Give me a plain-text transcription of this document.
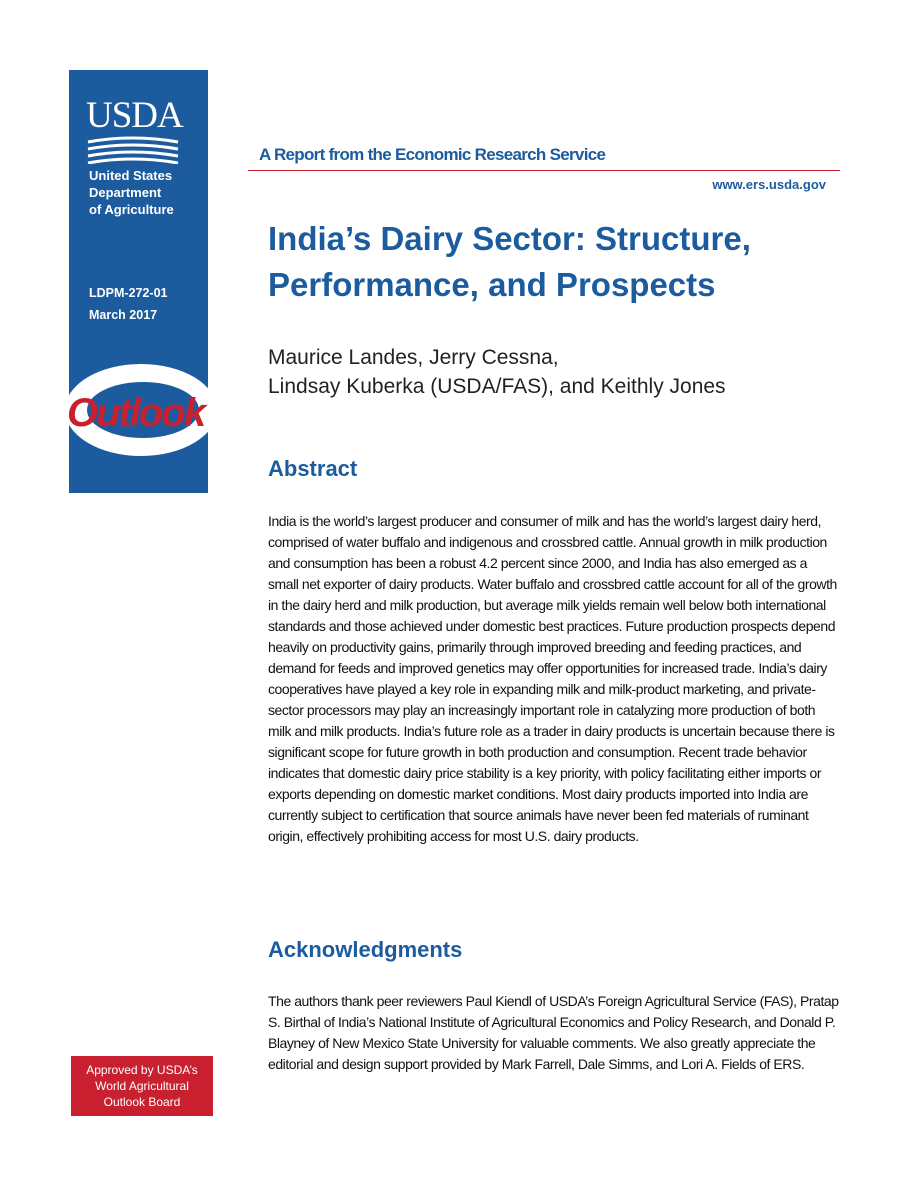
USDA
United States
Department
of Agriculture
LDPM-272-01
March 2017
Outlook
A Report from the Economic Research Service
www.ers.usda.gov
India’s Dairy Sector: Structure,
Performance, and Prospects
Maurice Landes, Jerry Cessna,
Lindsay Kuberka (USDA/FAS), and Keithly Jones
Abstract

India is the world’s largest producer and consumer of milk and has the world’s largest dairy herd, comprised of water buffalo and indigenous and crossbred cattle. Annual growth in milk production and consumption has been a robust 4.2 percent since 2000, and India has also emerged as a small net exporter of dairy products. Water buffalo and crossbred cattle account for all of the growth in the dairy herd and milk production, but average milk yields remain well below both international standards and those achieved under domestic best practices. Future production prospects depend heavily on productivity gains, primarily through improved breeding and feeding practices, and demand for feeds and improved genetics may offer opportunities for increased trade. India’s dairy cooperatives have played a key role in expanding milk and milk-product marketing, and private-sector processors may play an increasingly important role in catalyzing more production of both milk and milk products. India’s future role as a trader in dairy products is uncertain because there is significant scope for future growth in both production and consumption. Recent trade behavior indicates that domestic dairy price stability is a key priority, with policy facilitating either imports or exports depending on domestic market conditions. Most dairy products imported into India are currently subject to certification that source animals have never been fed materials of ruminant origin, effectively prohibiting access for most U.S. dairy products.

Acknowledgments

The authors thank peer reviewers Paul Kiendl of USDA’s Foreign Agricultural Service (FAS), Pratap S. Birthal of India’s National Institute of Agricultural Economics and Policy Research, and Donald P. Blayney of New Mexico State University for valuable comments. We also greatly appreciate the editorial and design support provided by Mark Farrell, Dale Simms, and Lori A. Fields of ERS.

Approved by USDA’s
World Agricultural
Outlook Board
